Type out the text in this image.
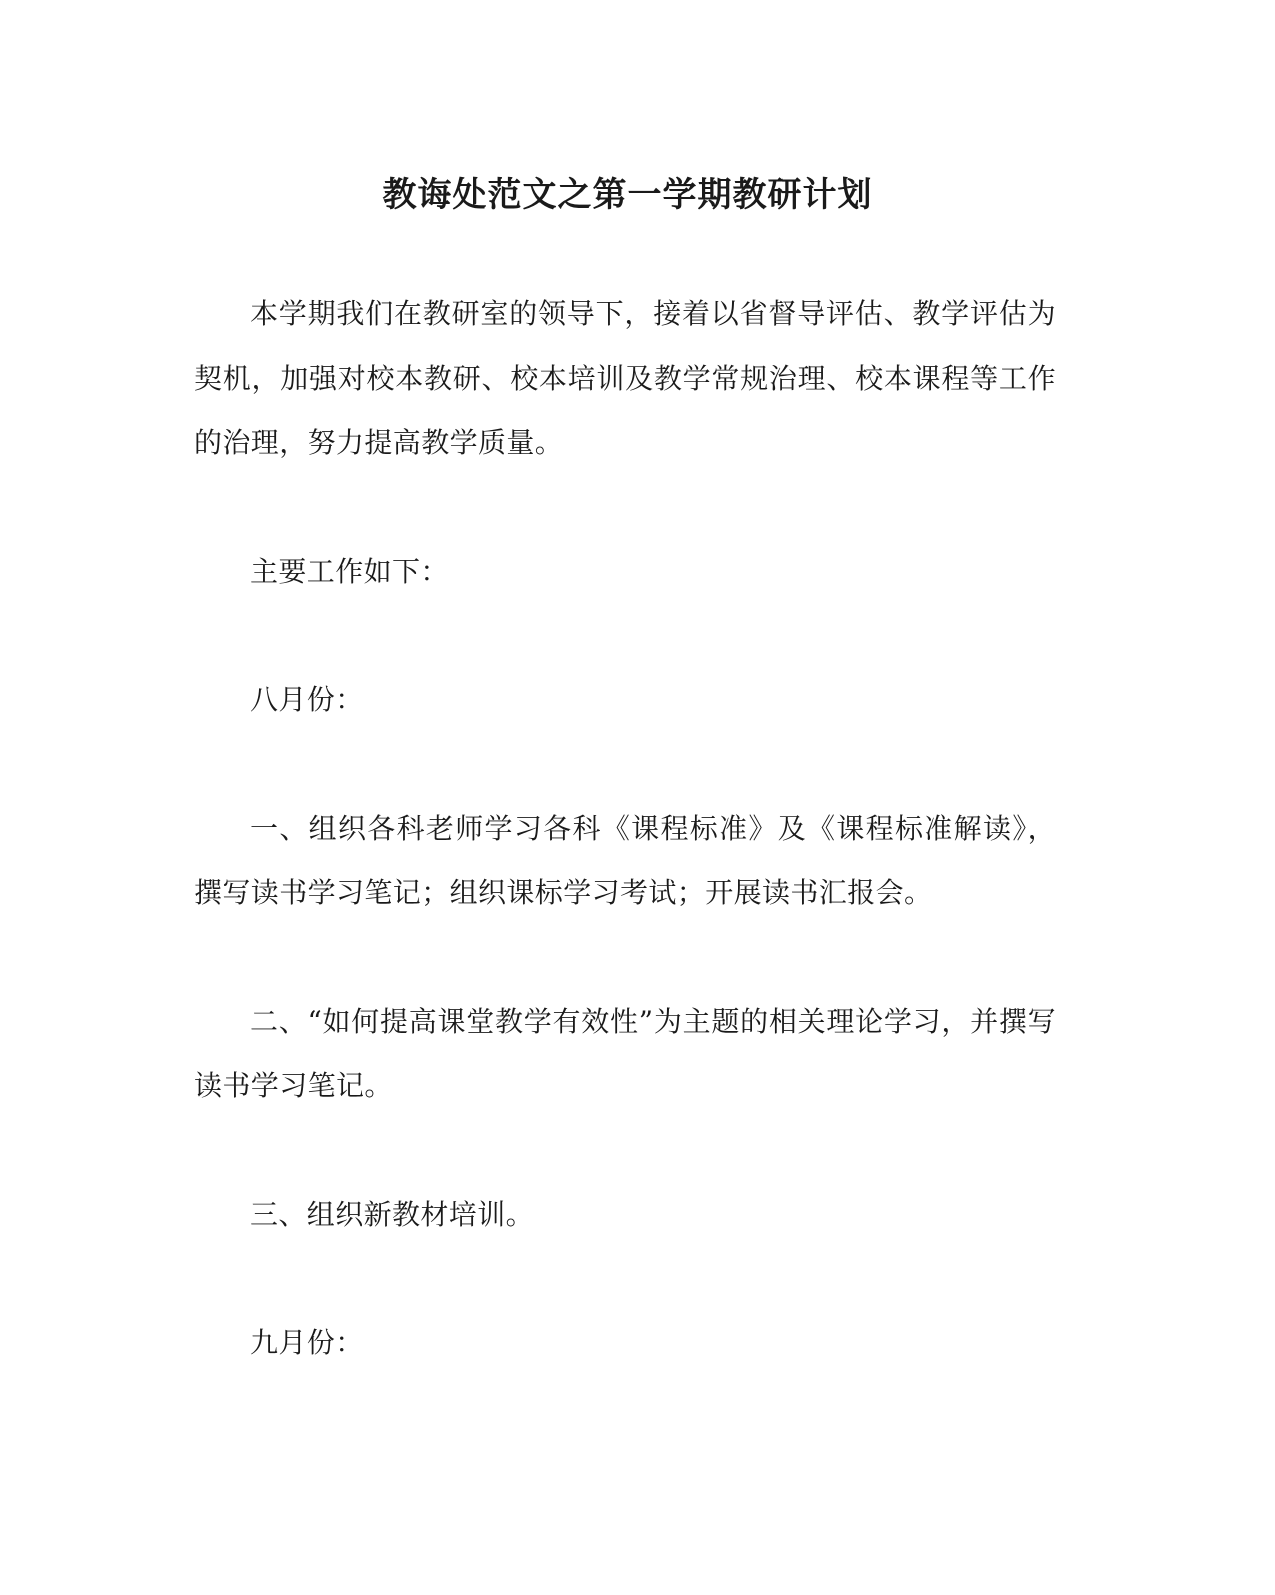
教诲处范文之第一学期教研计划

本学期我们在教研室的领导下，接着以省督导评估、教学评估为契机，加强对校本教研、校本培训及教学常规治理、校本课程等工作的治理，努力提高教学质量。

主要工作如下：

八月份：

一、组织各科老师学习各科《课程标准》及《课程标准解读》，撰写读书学习笔记；组织课标学习考试；开展读书汇报会。

二、“如何提高课堂教学有效性”为主题的相关理论学习，并撰写读书学习笔记。

三、组织新教材培训。

九月份：
